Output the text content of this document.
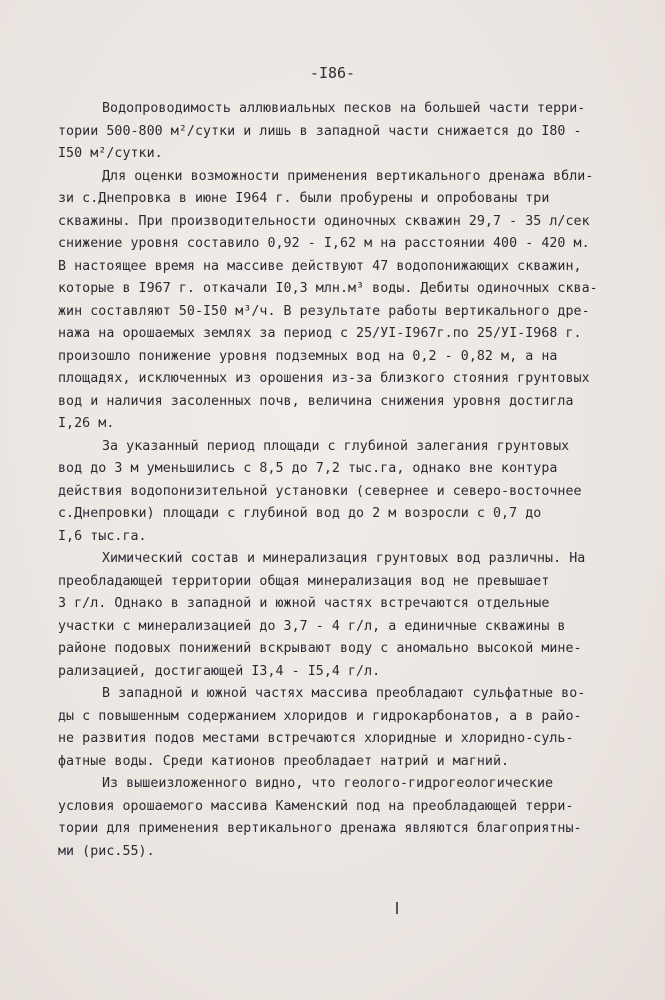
-I86-
Водопроводимость аллювиальных песков на большей части терри-
тории 500-800 м²/сутки и лишь в западной части снижается до I80 -
I50 м²/сутки.
Для оценки возможности применения вертикального дренажа вбли-
зи с.Днепровка в июне I964 г. были пробурены и опробованы три
скважины. При производительности одиночных скважин 29,7 - 35 л/сек
снижение уровня составило 0,92 - I,62 м на расстоянии 400 - 420 м.
В настоящее время на массиве действуют 47 водопонижающих скважин,
которые в I967 г. откачали I0,3 млн.м³ воды. Дебиты одиночных сква-
жин составляют 50-I50 м³/ч. В результате работы вертикального дре-
нажа на орошаемых землях за период с 25/УI-I967г.по 25/УI-I968 г.
произошло понижение уровня подземных вод на 0,2 - 0,82 м, а на
площадях, исключенных из орошения из-за близкого стояния грунтовых
вод и наличия засоленных почв, величина снижения уровня достигла
I,26 м.
За указанный период площади с глубиной залегания грунтовых
вод до 3 м уменьшились с 8,5 до 7,2 тыс.га, однако вне контура
действия водопонизительной установки (севернее и северо-восточнее
с.Днепровки) площади с глубиной вод до 2 м возросли с 0,7 до
I,6 тыс.га.
Химический состав и минерализация грунтовых вод различны. На
преобладающей территории общая минерализация вод не превышает
3 г/л. Однако в западной и южной частях встречаются отдельные
участки с минерализацией до 3,7 - 4 г/л, а единичные скважины в
районе подовых понижений вскрывают воду с аномально высокой мине-
рализацией, достигающей I3,4 - I5,4 г/л.
В западной и южной частях массива преобладают сульфатные во-
ды с повышенным содержанием хлоридов и гидрокарбонатов, а в райо-
не развития подов местами встречаются хлоридные и хлоридно-суль-
фатные воды. Среди катионов преобладает натрий и магний.
Из вышеизложенного видно, что геолого-гидрогеологические
условия орошаемого массива Каменский под на преобладающей терри-
тории для применения вертикального дренажа являются благоприятны-
ми (рис.55).
